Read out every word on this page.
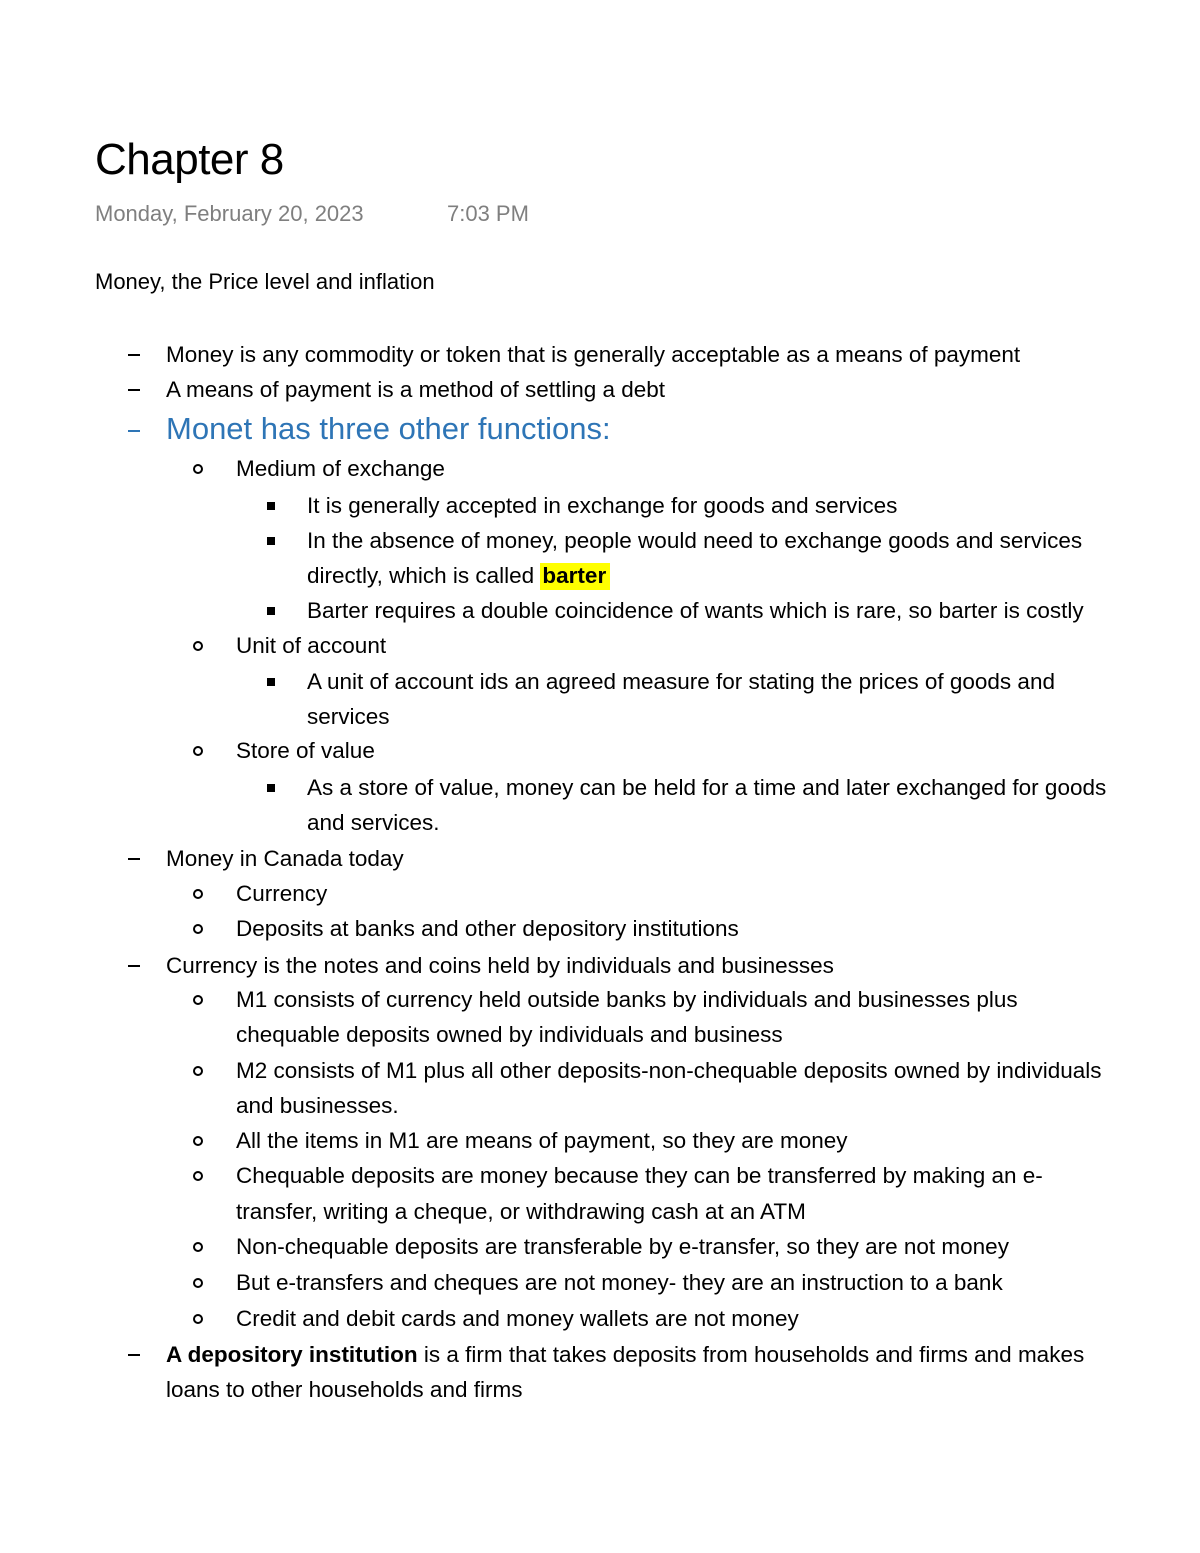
Chapter 8
Monday, February 20, 2023	7:03 PM
Money, the Price level and inflation
Money is any commodity or token that is generally acceptable as a means of payment
A means of payment is a method of settling a debt
Monet has three other functions:
Medium of exchange
It is generally accepted in exchange for goods and services
In the absence of money, people would need to exchange goods and services
directly, which is called barter
Barter requires a double coincidence of wants which is rare, so barter is costly
Unit of account
A unit of account ids an agreed measure for stating the prices of goods and
services
Store of value
As a store of value, money can be held for a time and later exchanged for goods
and services.
Money in Canada today
Currency
Deposits at banks and other depository institutions
Currency is the notes and coins held by individuals and businesses
M1 consists of currency held outside banks by individuals and businesses plus
chequable deposits owned by individuals and business
M2 consists of M1 plus all other deposits-non-chequable deposits owned by individuals
and businesses.
All the items in M1 are means of payment, so they are money
Chequable deposits are money because they can be transferred by making an e-
transfer, writing a cheque, or withdrawing cash at an ATM
Non-chequable deposits are transferable by e-transfer, so they are not money
But e-transfers and cheques are not money- they are an instruction to a bank
Credit and debit cards and money wallets are not money
A depository institution is a firm that takes deposits from households and firms and makes
loans to other households and firms
